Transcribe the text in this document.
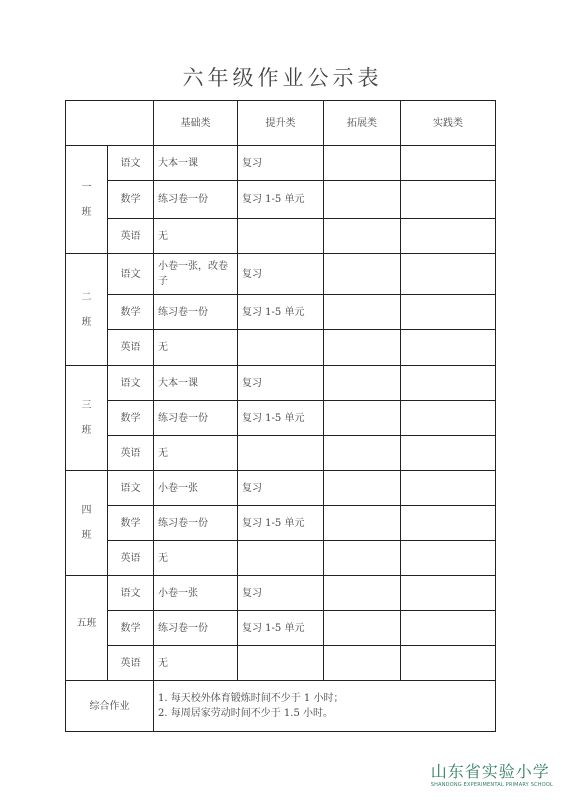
六年级作业公示表
		基础类	提升类	拓展类	实践类

一
班	语文	大本一课	复习		
	数学	练习卷一份	复习 1-5 单元		
	英语	无			

二
班	语文	小卷一张，改卷子	复习		
	数学	练习卷一份	复习 1-5 单元		
	英语	无			

三
班	语文	大本一课	复习		
	数学	练习卷一份	复习 1-5 单元		
	英语	无			

四
班	语文	小卷一张	复习		
	数学	练习卷一份	复习 1-5 单元		
	英语	无			

五班	语文	小卷一张	复习		
	数学	练习卷一份	复习 1-5 单元		
	英语	无			
综合作业		1. 每天校外体育锻炼时间不少于 1 小时；
2. 每周居家劳动时间不少于 1.5 小时。			
山东省实验小学
SHANDONG EXPERIMENTAL PRIMARY SCHOOL
